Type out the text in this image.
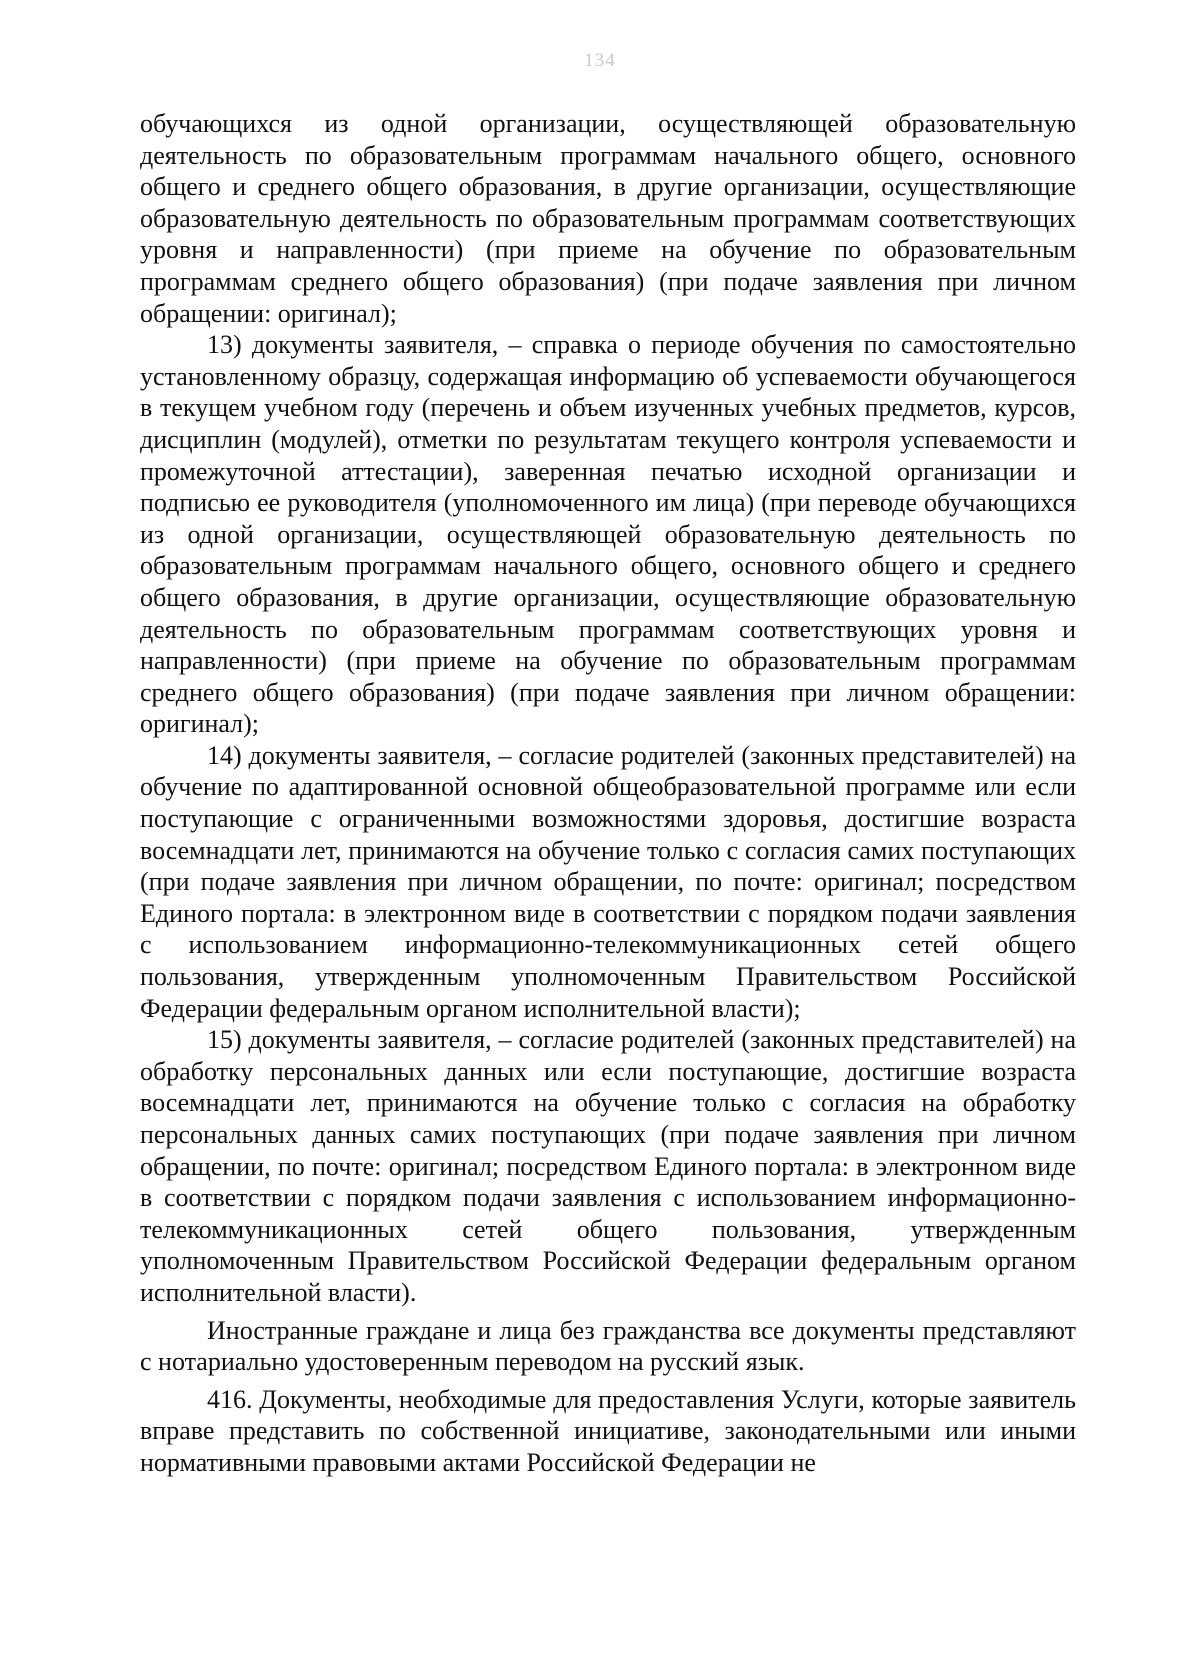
134

обучающихся из одной организации, осуществляющей образовательную деятельность по образовательным программам начального общего, основного общего и среднего общего образования, в другие организации, осуществляющие образовательную деятельность по образовательным программам соответствующих уровня и направленности) (при приеме на обучение по образовательным программам среднего общего образования) (при подаче заявления при личном обращении: оригинал);

13) документы заявителя, – справка о периоде обучения по самостоятельно установленному образцу, содержащая информацию об успеваемости обучающегося в текущем учебном году (перечень и объем изученных учебных предметов, курсов, дисциплин (модулей), отметки по результатам текущего контроля успеваемости и промежуточной аттестации), заверенная печатью исходной организации и подписью ее руководителя (уполномоченного им лица) (при переводе обучающихся из одной организации, осуществляющей образовательную деятельность по образовательным программам начального общего, основного общего и среднего общего образования, в другие организации, осуществляющие образовательную деятельность по образовательным программам соответствующих уровня и направленности) (при приеме на обучение по образовательным программам среднего общего образования) (при подаче заявления при личном обращении: оригинал);

14) документы заявителя, – согласие родителей (законных представителей) на обучение по адаптированной основной общеобразовательной программе или если поступающие с ограниченными возможностями здоровья, достигшие возраста восемнадцати лет, принимаются на обучение только с согласия самих поступающих (при подаче заявления при личном обращении, по почте: оригинал; посредством Единого портала: в электронном виде в соответствии с порядком подачи заявления с использованием информационно-телекоммуникационных сетей общего пользования, утвержденным уполномоченным Правительством Российской Федерации федеральным органом исполнительной власти);

15) документы заявителя, – согласие родителей (законных представителей) на обработку персональных данных или если поступающие, достигшие возраста восемнадцати лет, принимаются на обучение только с согласия на обработку персональных данных самих поступающих (при подаче заявления при личном обращении, по почте: оригинал; посредством Единого портала: в электронном виде в соответствии с порядком подачи заявления с использованием информационно-телекоммуникационных сетей общего пользования, утвержденным уполномоченным Правительством Российской Федерации федеральным органом исполнительной власти).

Иностранные граждане и лица без гражданства все документы представляют с нотариально удостоверенным переводом на русский язык.

416. Документы, необходимые для предоставления Услуги, которые заявитель вправе представить по собственной инициативе, законодательными или иными нормативными правовыми актами Российской Федерации не
